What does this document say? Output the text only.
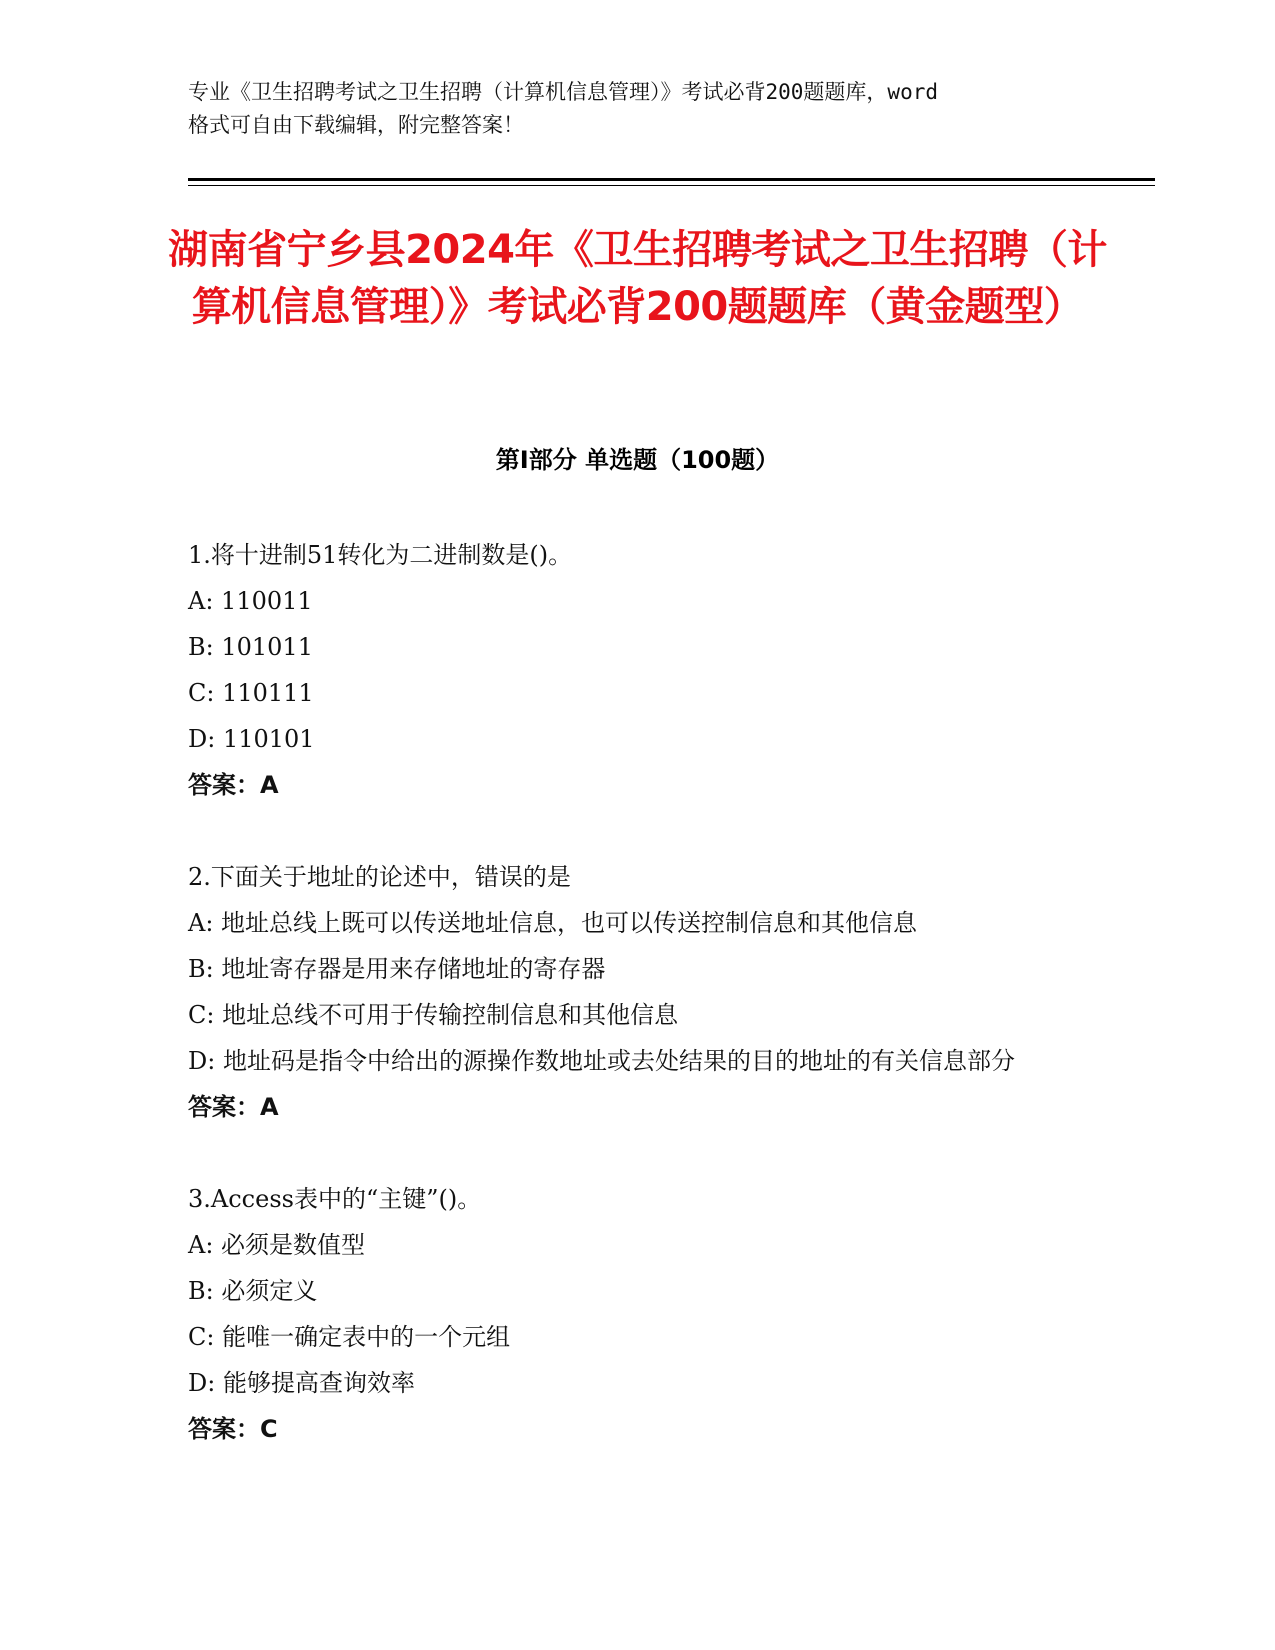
专业《卫生招聘考试之卫生招聘（计算机信息管理）》考试必背200题题库，word
格式可自由下载编辑，附完整答案！
湖南省宁乡县2024年《卫生招聘考试之卫生招聘（计算机信息管理）》考试必背200题题库（黄金题型）
第Ⅰ部分 单选题（100题）
1.将十进制51转化为二进制数是()。
A: 110011
B: 101011
C: 110111
D: 110101
答案：A
2.下面关于地址的论述中，错误的是
A: 地址总线上既可以传送地址信息，也可以传送控制信息和其他信息
B: 地址寄存器是用来存储地址的寄存器
C: 地址总线不可用于传输控制信息和其他信息
D: 地址码是指令中给出的源操作数地址或去处结果的目的地址的有关信息部分
答案：A
3.Access表中的“主键”()。
A: 必须是数值型
B: 必须定义
C: 能唯一确定表中的一个元组
D: 能够提高查询效率
答案：C
